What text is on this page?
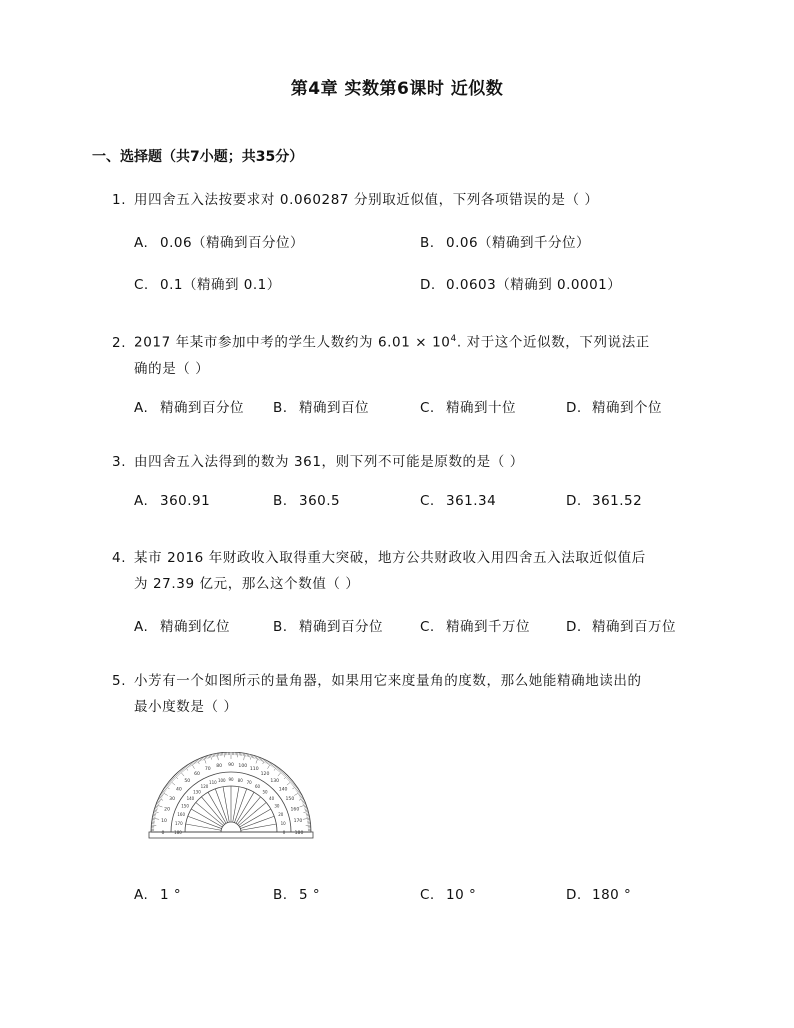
第4章 实数第6课时 近似数
一、选择题（共7小题；共35分）
1. 用四舍五入法按要求对 0.060287 分别取近似值，下列各项错误的是（ ）
A. 0.06（精确到百分位）	B. 0.06（精确到千分位）
C. 0.1（精确到 0.1）	D. 0.0603（精确到 0.0001）
2. 2017 年某市参加中考的学生人数约为 $6.01 \times 10^4$. 对于这个近似数，下列说法正
确的是（ ）
A. 精确到百分位 B. 精确到百位	C. 精确到十位	D. 精确到个位
3. 由四舍五入法得到的数为 361，则下列不可能是原数的是（ ）
A. 360.91	B. 360.5	C. 361.34	D. 361.52
4. 某市 2016 年财政收入取得重大突破，地方公共财政收入用四舍五入法取近似值后
为 27.39 亿元，那么这个数值（ ）
A. 精确到亿位	B. 精确到百分位	C. 精确到千万位	D. 精确到百万位
5. 小芳有一个如图所示的量角器，如果用它来度量角的度数，那么她能精确地读出的
最小度数是（ ）
0
10
20
30
40
50
60
70
80 90 100
110
120
130
140
150
160
170
180
180
170
160
150
140
130
120
110 100 90 80 70
60
50
40
30
20
10
0
A. 1 °	B. 5 °	C. 10 °	D. 180 °
